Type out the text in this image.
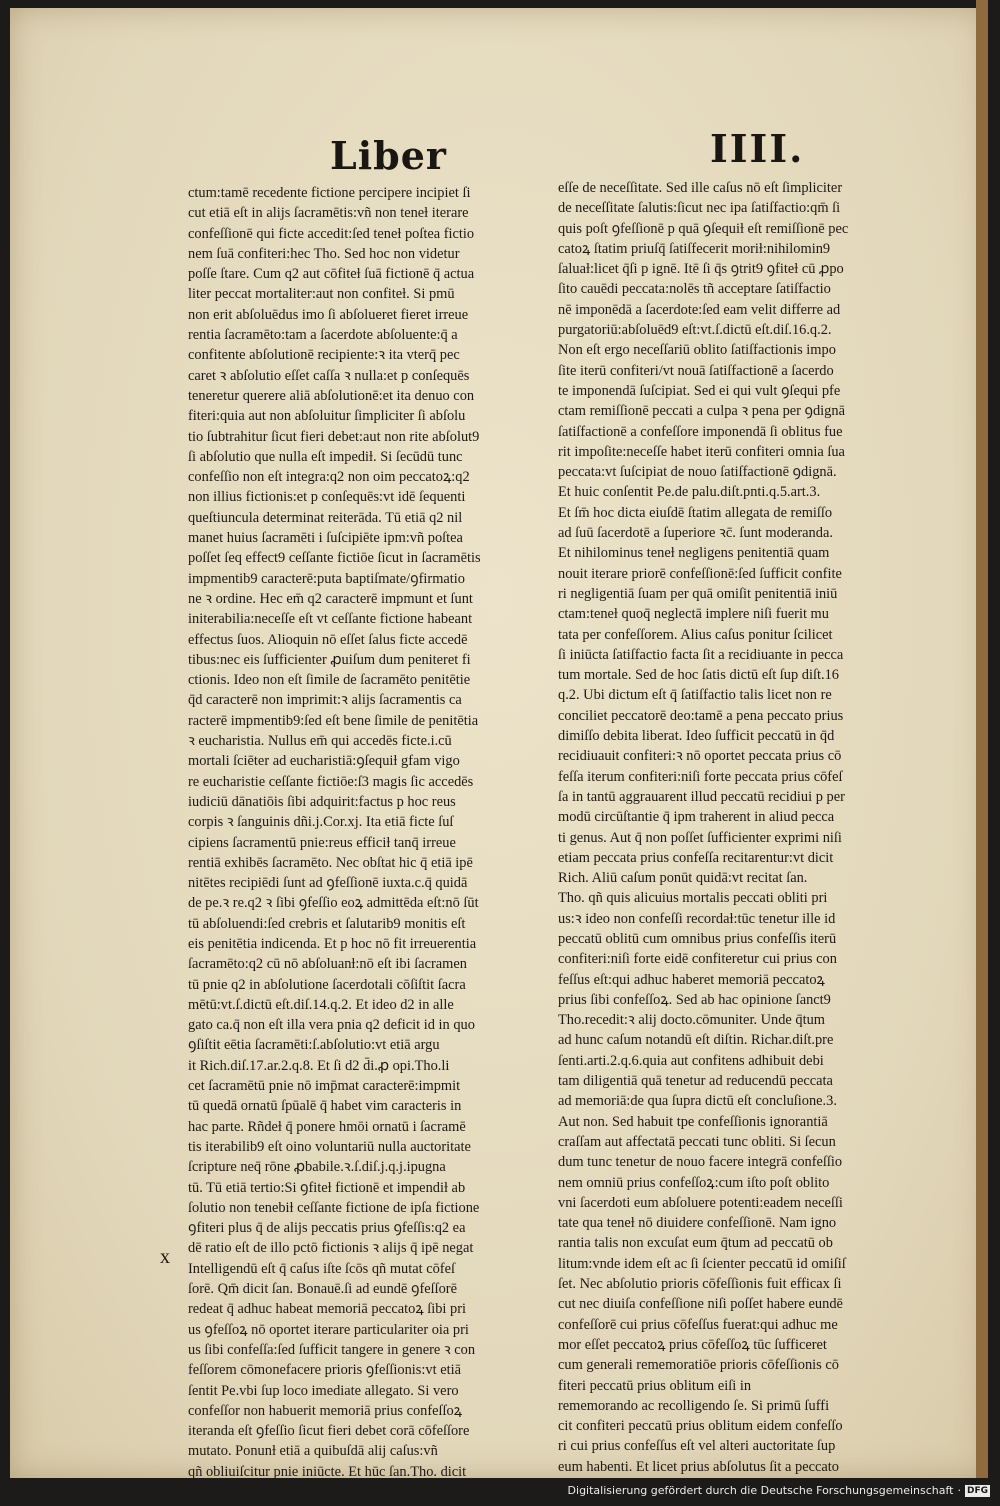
Liber	IIII.
ctum:tamē recedente fictione percipere incipiet ſi
cut etiā eſt in alijs ſacramētis:vñ non teneƚ iterare
confeſſionē qui ficte accedit:ſed teneƚ poſtea fictio
nem ſuā confiteri:hec Tho. Sed hoc non videtur
poſſe ſtare. Cum q2 aut cōfiteƚ ſuā fictionē q̄ actua
liter peccat mortaliter:aut non confiteƚ. Si pmū
non erit abſoluēdus imo ſi abſolueret fieret irreue
rentia ſacramēto:tam a ſacerdote abſoluente:q̄ a
confitente abſolutionē recipiente:ꝛ ita vterq̄ pec
caret ꝛ abſolutio eſſet caſſa ꝛ nulla:et p conſequēs
teneretur querere aliā abſolutionē:et ita denuo con
fiteri:quia aut non abſoluitur ſimpliciter ſi abſolu
tio ſubtrahitur ſicut fieri debet:aut non rite abſolut9
ſi abſolutio que nulla eſt impediƚ. Si ſecūdū tunc
confeſſio non eſt integra:q2 non oim peccatoꝝ:q2
non illius fictionis:et p conſequēs:vt idē ſequenti
queſtiuncula determinat reiterāda. Tū etiā q2 nil
manet huius ſacramēti i ſuſcipiēte ipm:vñ poſtea
poſſet ſeq effect9 ceſſante fictiōe ſicut in ſacramētis
impmentib9 caracterē:puta baptiſmate/ꝯfirmatio
ne ꝛ ordine. Hec em̄ q2 caracterē impmunt et ſunt
initerabilia:neceſſe eſt vt ceſſante fictione habeant
effectus ſuos. Alioquin nō eſſet ſalus ficte accedē
tibus:nec eis ſufficienter ꝓuiſum dum peniteret fi
ctionis. Ideo non eſt ſimile de ſacramēto penitētie
q̄d caracterē non imprimit:ꝛ alijs ſacramentis ca
racterē impmentib9:ſed eſt bene ſimile de penitētia
ꝛ eucharistia. Nullus em̄ qui accedēs ficte.i.cū
mortali ſciēter ad eucharistiā:ꝯſequiƚ gfam vigo
re eucharistie ceſſante fictiōe:ſ3 magis ſic accedēs
iudiciū dānatiōis ſibi adquirit:factus p hoc reus
corpis ꝛ ſanguinis dñi.j.Cor.xj. Ita etiā ficte ſuſ
cipiens ſacramentū pnie:reus efficiƚ tanq̄ irreue
rentiā exhibēs ſacramēto. Nec obſtat hic q̄ etiā ipē
nitētes recipiēdi ſunt ad ꝯfeſſionē iuxta.c.q̄ quidā
de pe.ꝛ re.q2 ꝛ ſibi ꝯfeſſio eoꝝ admittēda eſt:nō ſūt
tū abſoluendi:ſed crebris et ſalutarib9 monitis eſt
eis penitētia indicenda. Et p hoc nō fit irreuerentia
ſacramēto:q2 cū nō abſoluanƚ:nō eſt ibi ſacramen
tū pnie q2 in abſolutione ſacerdotali cōſiſtit ſacra
mētū:vt.ſ.dictū eſt.diſ.14.q.2. Et ideo d2 in alle
gato ca.q̄ non eſt illa vera pnia q2 deficit id in quo
ꝯſiſtit eētia ſacramēti:ſ.abſolutio:vt etiā argu
it Rich.diſ.17.ar.2.q.8. Et ſi d2 d̄i.ꝓ opi.Tho.li
cet ſacramētū pnie nō imp̄mat caracterē:impmit
tū quedā ornatū ſpūalē q̄ habet vim caracteris in
hac parte. Rñdeƚ q̄ ponere hmōi ornatū i ſacramē
tis iterabilib9 eſt oino voluntariū nulla auctoritate
ſcripture neq̄ rōne ꝓbabile.ꝛ.ſ.diſ.j.q.j.ipugna
tū. Tū etiā tertio:Si ꝯfiteƚ fictionē et impendiƚ ab
ſolutio non tenebiƚ ceſſante fictione de ipſa fictione
ꝯfiteri plus q̄ de alijs peccatis prius ꝯfeſſis:q2 ea
dē ratio eſt de illo pctō fictionis ꝛ alijs q̄ ipē negat
Intelligendū eſt q̄ caſus iſte ſcōs qñ mutat cōfeſ
ſorē. Qm̄ dicit ſan. Bonauē.ſi ad eundē ꝯfeſſorē
redeat q̄ adhuc habeat memoriā peccatoꝝ ſibi pri
us ꝯfeſſoꝝ nō oportet iterare particulariter oia pri
us ſibi confeſſa:ſed ſufficit tangere in genere ꝛ con
feſſorem cōmonefacere prioris ꝯfeſſionis:vt etiā
ſentit Pe.vbi ſup loco imediate allegato. Si vero
confeſſor non habuerit memoriā prius confeſſoꝝ
iteranda eſt ꝯfeſſio ſicut fieri debet corā cōfeſſore
mutato. Ponunƚ etiā a quibuſdā alij caſus:vñ
qñ obliuiſcitur pnie iniūcte. Et hūc ſan.Tho. dicit
eſſe de neceſſitate. Sed ille caſus nō eſt ſimpliciter
de neceſſitate ſalutis:ſicut nec ipa ſatiſfactio:qm̄ ſi
quis poſt ꝯfeſſionē p quā ꝯſequiƚ eſt remiſſionē pec
catoꝝ ſtatim priuſq̄ ſatiſfecerit moriƚ:nihilomin9
ſaluaƚ:licet q̄ſi p ignē. Itē ſi q̄s ꝯtrit9 ꝯfiteƚ cū ꝓpo
ſito cauēdi peccata:nolēs tñ acceptare ſatiſfactio
nē imponēdā a ſacerdote:ſed eam velit differre ad
purgatoriū:abſoluēd9 eſt:vt.ſ.dictū eſt.diſ.16.q.2.
Non eſt ergo neceſſariū oblito ſatiſfactionis impo
ſite iterū confiteri/vt nouā ſatiſfactionē a ſacerdo
te imponendā ſuſcipiat. Sed ei qui vult ꝯſequi pfe
ctam remiſſionē peccati a culpa ꝛ pena per ꝯdignā
ſatiſfactionē a confeſſore imponendā ſi oblitus fue
rit impoſite:neceſſe habet iterū confiteri omnia ſua
peccata:vt ſuſcipiat de nouo ſatiſfactionē ꝯdignā.
Et huic conſentit Pe.de palu.diſt.pnti.q.5.art.3.
Et ſm̄ hoc dicta eiuſdē ſtatim allegata de remiſſo
ad ſuū ſacerdotē a ſuperiore ꝛc̄. ſunt moderanda.
Et nihilominus teneƚ negligens penitentiā quam
nouit iterare priorē confeſſionē:ſed ſufficit confite
ri negligentiā ſuam per quā omiſit penitentiā iniū
ctam:teneƚ quoq̄ neglectā implere niſi fuerit mu
tata per confeſſorem. Alius caſus ponitur ſcilicet
ſi iniūcta ſatiſfactio facta ſit a recidiuante in pecca
tum mortale. Sed de hoc ſatis dictū eſt ſup diſt.16
q.2. Ubi dictum eſt q̄ ſatiſfactio talis licet non re
conciliet peccatorē deo:tamē a pena peccato prius
dimiſſo debita liberat. Ideo ſufficit peccatū in q̄d
recidiuauit confiteri:ꝛ nō oportet peccata prius cō
feſſa iterum confiteri:niſi forte peccata prius cōfeſ
ſa in tantū aggrauarent illud peccatū recidiui p per
modū circūſtantie q̄ ipm traherent in aliud pecca
ti genus. Aut q̄ non poſſet ſufficienter exprimi niſi
etiam peccata prius confeſſa recitarentur:vt dicit
Rich. Aliū caſum ponūt quidā:vt recitat ſan.
Tho. qñ quis alicuius mortalis peccati obliti pri
us:ꝛ ideo non confeſſi recordaƚ:tūc tenetur ille id
peccatū oblitū cum omnibus prius confeſſis iterū
confiteri:niſi forte eidē confiteretur cui prius con
feſſus eſt:qui adhuc haberet memoriā peccatoꝝ
prius ſibi confeſſoꝝ. Sed ab hac opinione ſanct9
Tho.recedit:ꝛ alij docto.cōmuniter. Unde q̄tum
ad hunc caſum notandū eſt diſtin. Richar.diſt.pre
ſenti.arti.2.q.6.quia aut confitens adhibuit debi
tam diligentiā quā tenetur ad reducendū peccata
ad memoriā:de qua ſupra dictū eſt concluſione.3.
Aut non. Sed habuit tpe confeſſionis ignorantiā
craſſam aut affectatā peccati tunc obliti. Si ſecun
dum tunc tenetur de nouo facere integrā confeſſio
nem omniū prius confeſſoꝝ:cum iſto poſt oblito
vni ſacerdoti eum abſoluere potenti:eadem neceſſi
tate qua teneƚ nō diuidere confeſſionē. Nam igno
rantia talis non excuſat eum q̄tum ad peccatū ob
litum:vnde idem eſt ac ſi ſcienter peccatū id omiſiſ
ſet. Nec abſolutio prioris cōfeſſionis fuit efficax ſi
cut nec diuiſa confeſſione niſi poſſet habere eundē
confeſſorē cui prius cōfeſſus fuerat:qui adhuc me
mor eſſet peccatoꝝ prius cōfeſſoꝝ tūc ſufficeret
cum generali rememoratiōe prioris cōfeſſionis cō
fiteri peccatū prius oblitum eiſi in
rememorando ac recolligendo ſe. Si primū ſuffi
cit confiteri peccatū prius oblitum eidem confeſſo
ri cui prius confeſſus eſt vel alteri auctoritate ſup
eum habenti. Et licet prius abſolutus ſit a peccato
x
Digitalisierung gefördert durch die Deutsche Forschungsgemeinschaft · DFG
